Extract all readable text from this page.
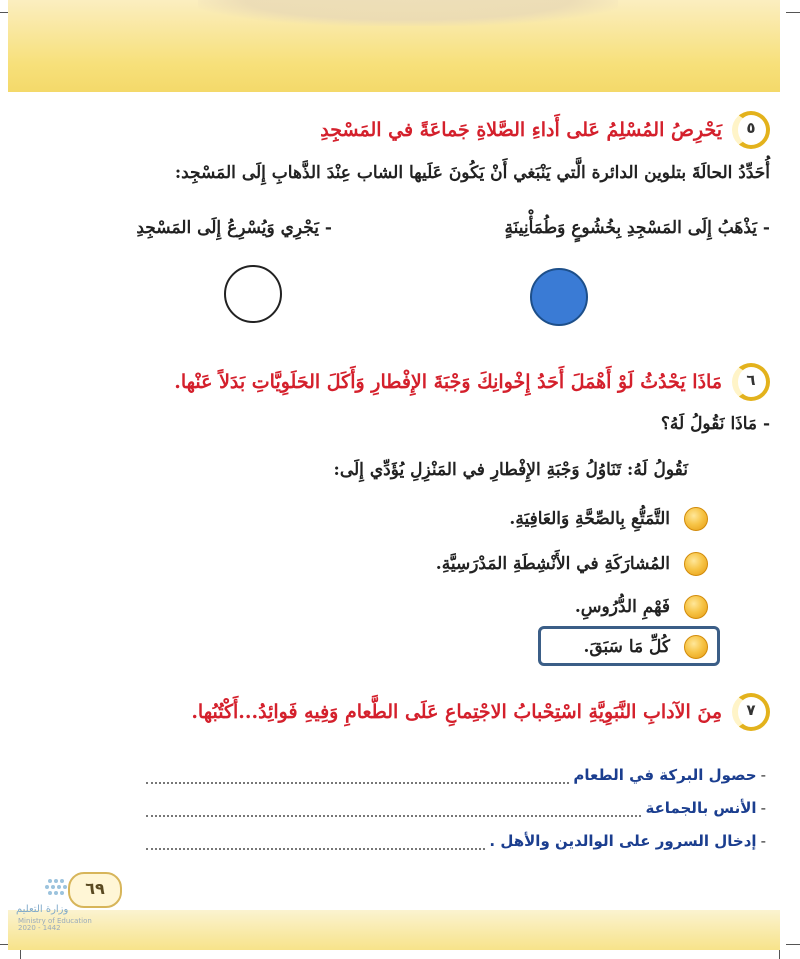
٥
يَحْرِصُ المُسْلِمُ عَلى أَداءِ الصَّلاةِ جَماعَةً في المَسْجِدِ
أُحَدِّدُ الحالَةَ بتلوين الدائرة الَّتي يَنْبَغي أَنْ يَكُونَ عَلَيها الشاب عِنْدَ الذَّهابِ إِلَى المَسْجِد:
- يَذْهَبُ إِلَى المَسْجِدِ بِخُشُوعٍ وَطُمَأْنِينَةٍ
- يَجْرِي وَيُسْرِعُ إِلَى المَسْجِدِ
٦
مَاذَا يَحْدُثُ لَوْ أَهْمَلَ أَحَدُ إِخْوانِكَ وَجْبَةَ الإِفْطارِ وَأَكَلَ الحَلَوِيَّاتِ بَدَلاً عَنْها.
- مَاذَا نَقُولُ لَهُ؟
نَقُولُ لَهُ: تَنَاوُلُ وَجْبَةِ الإِفْطارِ في المَنْزِلِ يُؤَدِّي إِلَى:
التَّمَتُّعِ بِالصِّحَّةِ وَالعَافِيَةِ.
المُشارَكَةِ في الأَنْشِطَةِ المَدْرَسِيَّةِ.
فَهْمِ الدُّرُوسِ.
كُلِّ مَا سَبَقَ.
٧
مِنَ الآدابِ النَّبَوِيَّةِ اسْتِحْبابُ الاجْتِماعِ عَلَى الطَّعامِ وَفِيهِ فَوائِدُ...أَكْتُبُها.
-
حصول البركة في الطعام
-
الأنس بالجماعة
-
إدخال السرور على الوالدين والأهل .
٦٩
وزارة التعليم
Ministry of Education
2020 - 1442
